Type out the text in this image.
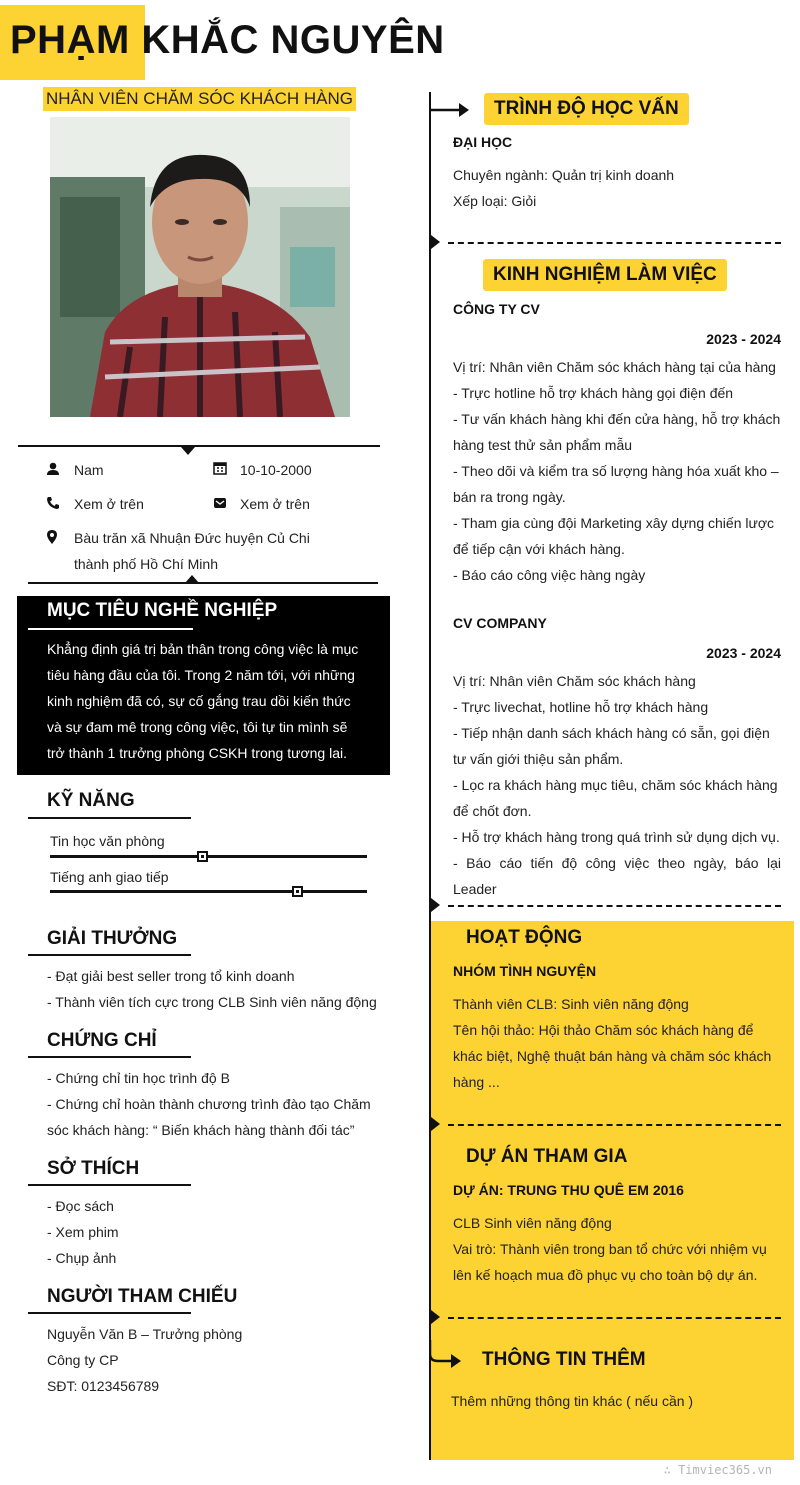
PHẠM KHẮC NGUYÊN
NHÂN VIÊN CHĂM SÓC KHÁCH HÀNG
Nam	10-10-2000
Xem ở trên	Xem ở trên
Bàu trăn xã Nhuận Đức huyện Củ Chi
thành phố Hồ Chí Minh
MỤC TIÊU NGHỀ NGHIỆP
Khẳng định giá trị bản thân trong công việc là mục
tiêu hàng đầu của tôi. Trong 2 năm tới, với những
kinh nghiệm đã có, sự cố gắng trau dồi kiến thức
và sự đam mê trong công việc, tôi tự tin mình sẽ
trở thành 1 trưởng phòng CSKH trong tương lai.
KỸ NĂNG
Tin học văn phòng
Tiếng anh giao tiếp
GIẢI THƯỞNG
- Đạt giải best seller trong tổ kinh doanh
- Thành viên tích cực trong CLB Sinh viên năng động
CHỨNG CHỈ
- Chứng chỉ tin học trình độ B
- Chứng chỉ hoàn thành chương trình đào tạo Chăm
sóc khách hàng: “ Biến khách hàng thành đối tác”
SỞ THÍCH
- Đọc sách
- Xem phim
- Chụp ảnh
NGƯỜI THAM CHIẾU
Nguyễn Văn B – Trưởng phòng
Công ty CP
SĐT: 0123456789
TRÌNH ĐỘ HỌC VẤN
ĐẠI HỌC
Chuyên ngành: Quản trị kinh doanh
Xếp loại: Giỏi
KINH NGHIỆM LÀM VIỆC
CÔNG TY CV
2023 - 2024
Vị trí: Nhân viên Chăm sóc khách hàng tại của hàng
- Trực hotline hỗ trợ khách hàng gọi điện đến
- Tư vấn khách hàng khi đến cửa hàng, hỗ trợ khách
hàng test thử sản phẩm mẫu
- Theo dõi và kiểm tra số lượng hàng hóa xuất kho –
bán ra trong ngày.
- Tham gia cùng đội Marketing xây dựng chiến lược
để tiếp cận với khách hàng.
- Báo cáo công việc hàng ngày
CV COMPANY
2023 - 2024
Vị trí: Nhân viên Chăm sóc khách hàng
- Trực livechat, hotline hỗ trợ khách hàng
- Tiếp nhận danh sách khách hàng có sẵn, gọi điện
tư vấn giới thiệu sản phẩm.
- Lọc ra khách hàng mục tiêu, chăm sóc khách hàng
để chốt đơn.
- Hỗ trợ khách hàng trong quá trình sử dụng dịch vụ.
- Báo cáo tiến độ công việc theo ngày, báo lại Leader
HOẠT ĐỘNG
NHÓM TÌNH NGUYỆN
Thành viên CLB: Sinh viên năng động
Tên hội thảo: Hội thảo Chăm sóc khách hàng để
khác biệt, Nghệ thuật bán hàng và chăm sóc khách
hàng ...
DỰ ÁN THAM GIA
DỰ ÁN: TRUNG THU QUÊ EM 2016
CLB Sinh viên năng động
Vai trò: Thành viên trong ban tổ chức với nhiệm vụ
lên kế hoạch mua đồ phục vụ cho toàn bộ dự án.
THÔNG TIN THÊM
Thêm những thông tin khác ( nếu cần )
∴ Timviec365.vn
